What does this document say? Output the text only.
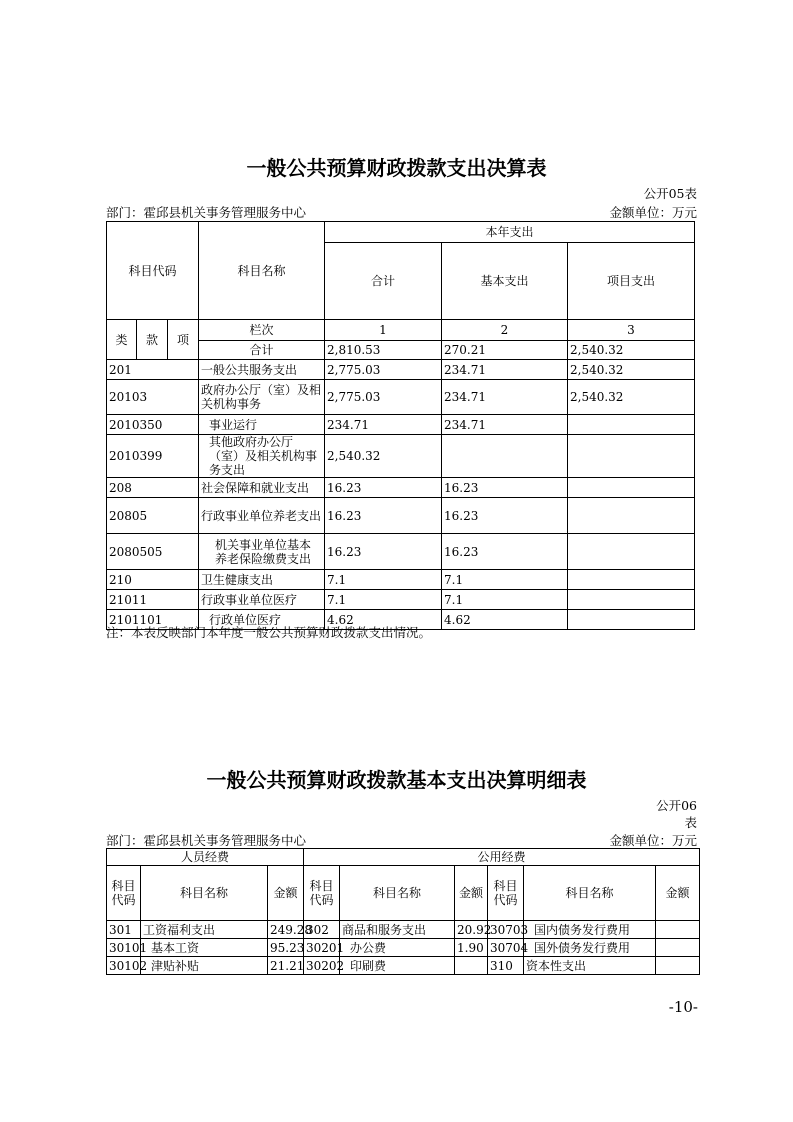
一般公共预算财政拨款支出决算表
公开05表
部门：霍邱县机关事务管理服务中心	金额单位：万元
科目代码			科目名称	本年支出		
				合计	基本支出	项目支出
类	款	项	栏次	1	2	3
			合计	2,810.53	270.21	2,540.32
201			一般公共服务支出	2,775.03	234.71	2,540.32
20103			政府办公厅（室）及相关机构事务	2,775.03	234.71	2,540.32
2010350			事业运行	234.71	234.71	
2010399			其他政府办公厅（室）及相关机构事务支出	2,540.32		
208			社会保障和就业支出	16.23	16.23	
20805			行政事业单位养老支出	16.23	16.23	
2080505			机关事业单位基本养老保险缴费支出	16.23	16.23	
210			卫生健康支出	7.1	7.1	
21011			行政事业单位医疗	7.1	7.1	
2101101			行政单位医疗	4.62	4.62	
注：本表反映部门本年度一般公共预算财政拨款支出情况。
一般公共预算财政拨款基本支出决算明细表
公开06
表
部门：霍邱县机关事务管理服务中心	金额单位：万元
人员经费			公用经费					
科目代码	科目名称	金额	科目代码	科目名称	金额	科目代码	科目名称	金额
301	工资福利支出	249.28	302	商品和服务支出	20.92	30703	国内债务发行费用	
30101	基本工资	95.23	30201	办公费	1.90	30704	国外债务发行费用	
30102	津贴补贴	21.21	30202	印刷费		310	资本性支出	
-10-
